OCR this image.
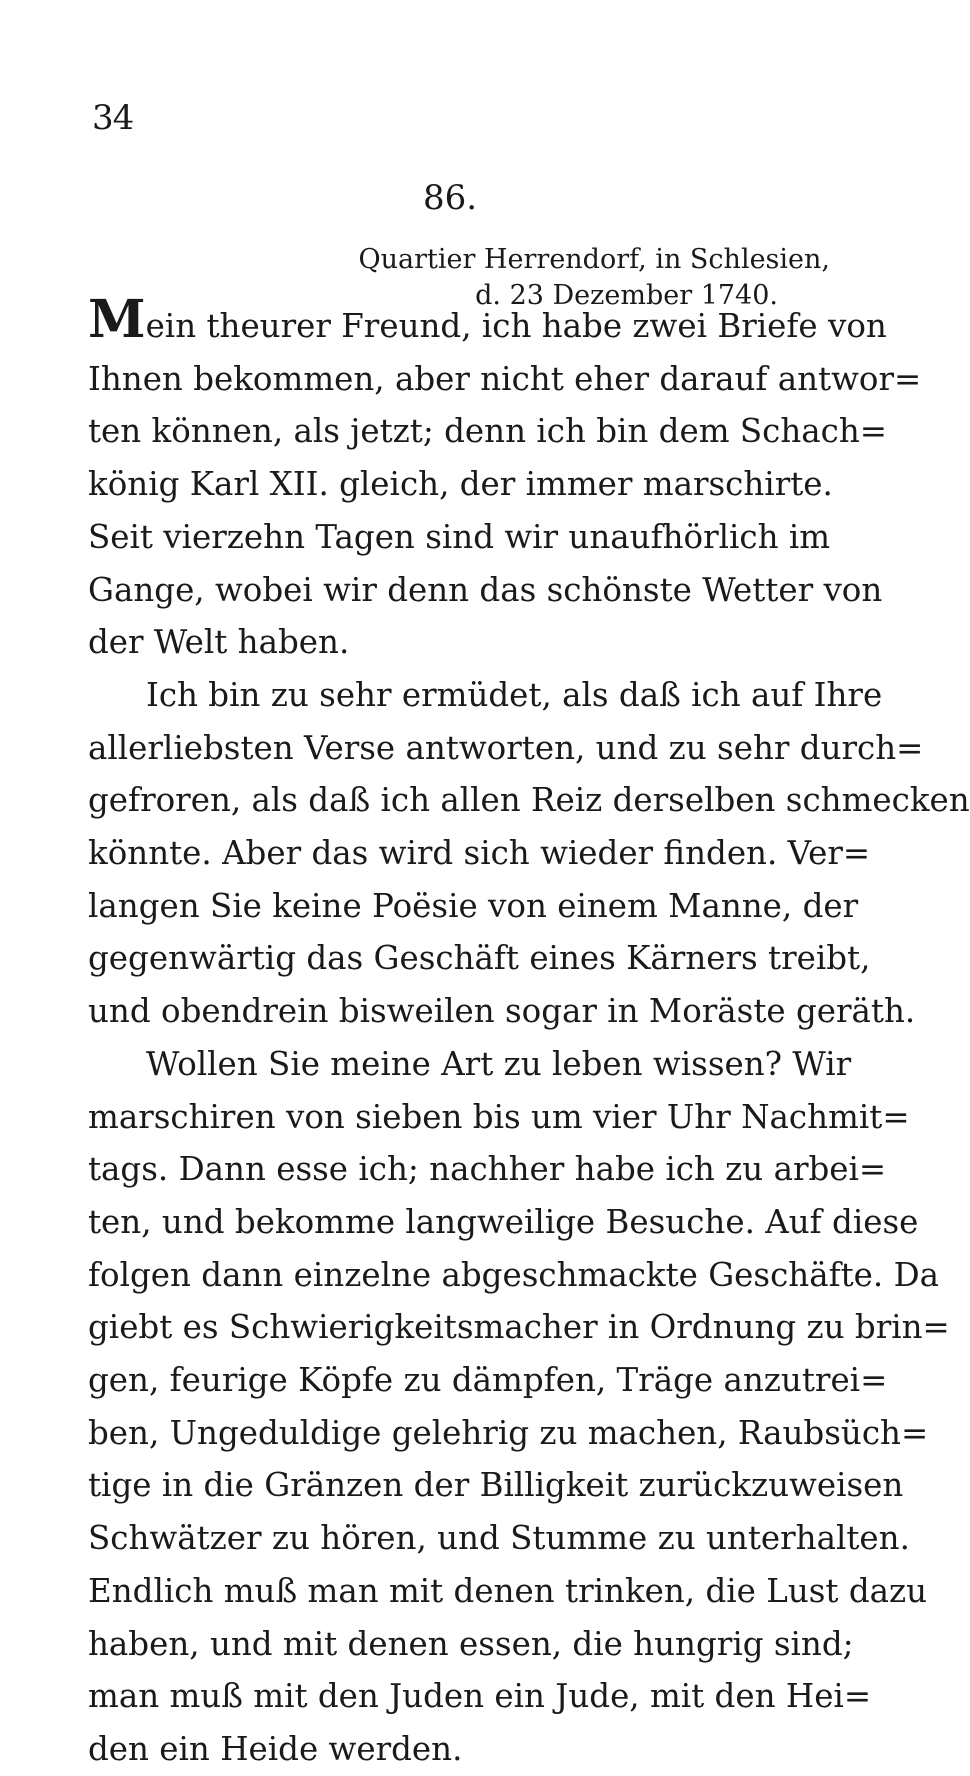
34
86.
Quartier Herrendorf, in Schlesien,
d. 23 Dezember 1740.
Mein theurer Freund, ich habe zwei Briefe von
Ihnen bekommen, aber nicht eher darauf antwor=
ten können, als jetzt; denn ich bin dem Schach=
könig Karl XII. gleich, der immer marschirte.
Seit vierzehn Tagen sind wir unaufhörlich im
Gange, wobei wir denn das schönste Wetter von
der Welt haben.
Ich bin zu sehr ermüdet, als daß ich auf Ihre
allerliebsten Verse antworten, und zu sehr durch=
gefroren, als daß ich allen Reiz derselben schmecken
könnte. Aber das wird sich wieder finden. Ver=
langen Sie keine Poësie von einem Manne, der
gegenwärtig das Geschäft eines Kärners treibt,
und obendrein bisweilen sogar in Moräste geräth.
Wollen Sie meine Art zu leben wissen? Wir
marschiren von sieben bis um vier Uhr Nachmit=
tags. Dann esse ich; nachher habe ich zu arbei=
ten, und bekomme langweilige Besuche. Auf diese
folgen dann einzelne abgeschmackte Geschäfte. Da
giebt es Schwierigkeitsmacher in Ordnung zu brin=
gen, feurige Köpfe zu dämpfen, Träge anzutrei=
ben, Ungeduldige gelehrig zu machen, Raubsüch=
tige in die Gränzen der Billigkeit zurückzuweisen
Schwätzer zu hören, und Stumme zu unterhalten.
Endlich muß man mit denen trinken, die Lust dazu
haben, und mit denen essen, die hungrig sind;
man muß mit den Juden ein Jude, mit den Hei=
den ein Heide werden.
